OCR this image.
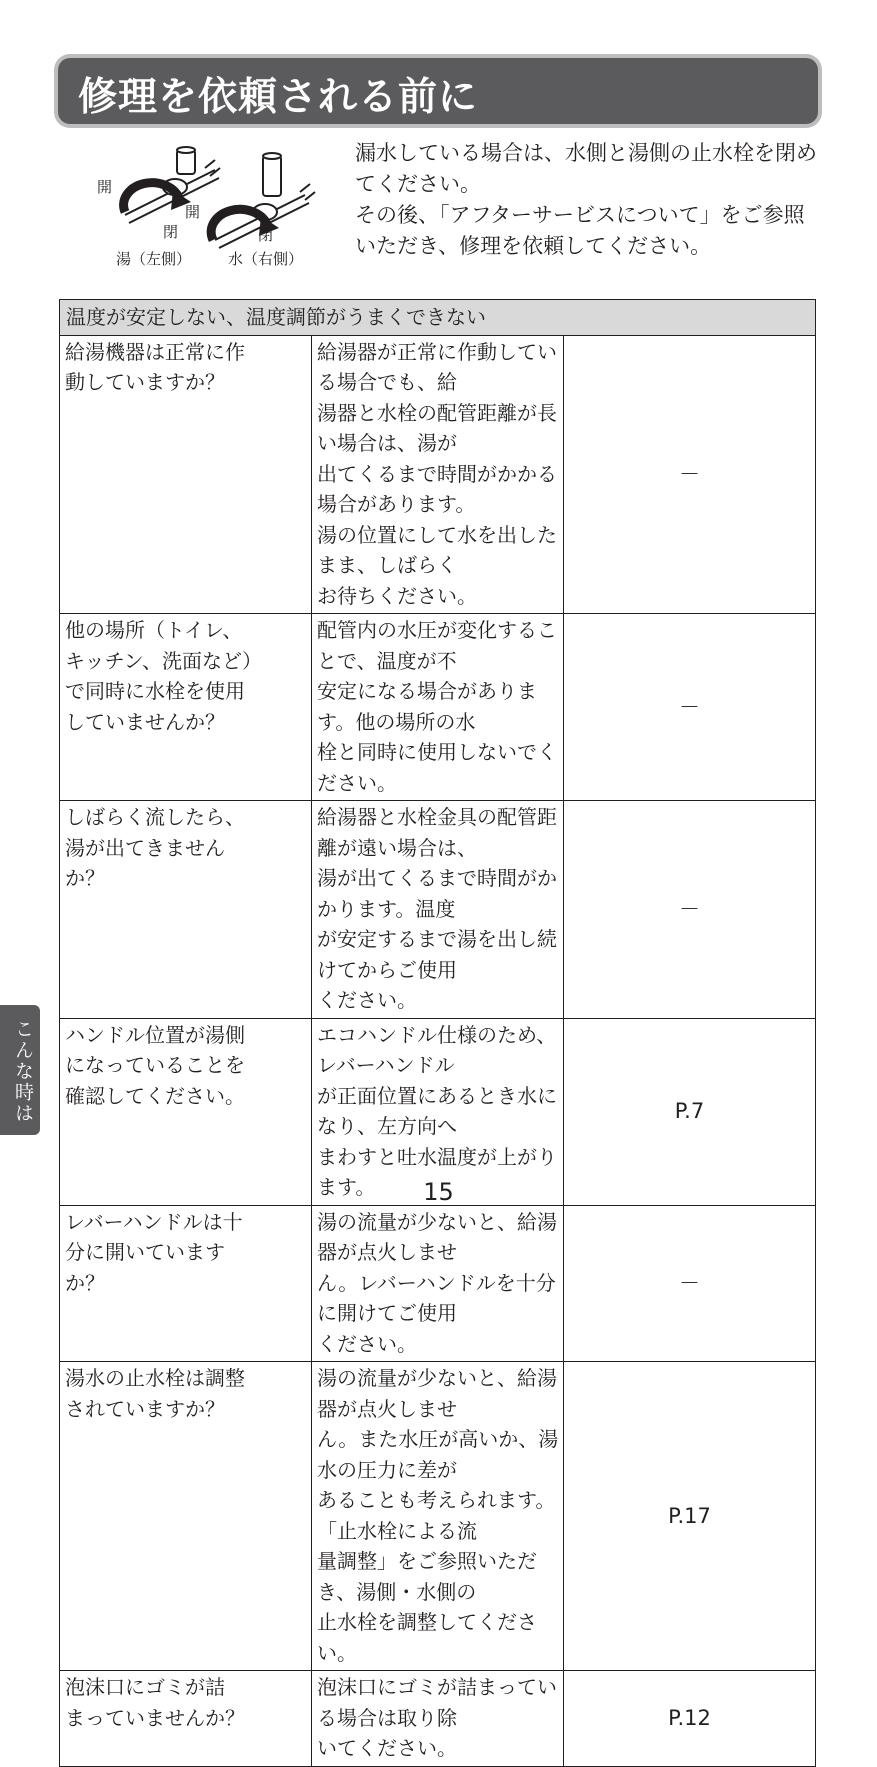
修理を依頼される前に
開
開
閉	閉
湯（左側） 水（右側）

漏水している場合は、水側と湯側の止水栓を閉めてください。

その後、「アフターサービスについて」をご参照いただき、修理を依頼してください。

温度が安定しない、温度調節がうまくできない		
給湯機器は正常に作
動していますか？	給湯器が正常に作動している場合でも、給
湯器と水栓の配管距離が長い場合は、湯が
出てくるまで時間がかかる場合があります。
湯の位置にして水を出したまま、しばらく
お待ちください。	－
他の場所（トイレ、
キッチン、洗面など）
で同時に水栓を使用
していませんか？	配管内の水圧が変化することで、温度が不
安定になる場合があります。他の場所の水
栓と同時に使用しないでください。	－
しばらく流したら、
湯が出てきません
か？	給湯器と水栓金具の配管距離が遠い場合は、
湯が出てくるまで時間がかかります。温度
が安定するまで湯を出し続けてからご使用
ください。	－
ハンドル位置が湯側
になっていることを
確認してください。	エコハンドル仕様のため、レバーハンドル
が正面位置にあるとき水になり、左方向へ
まわすと吐水温度が上がります。	P.7
レバーハンドルは十
分に開いています
か？	湯の流量が少ないと、給湯器が点火しませ
ん。レバーハンドルを十分に開けてご使用
ください。	－
湯水の止水栓は調整
されていますか？	湯の流量が少ないと、給湯器が点火しませ
ん。また水圧が高いか、湯水の圧力に差が
あることも考えられます。「止水栓による流
量調整」をご参照いただき、湯側・水側の
止水栓を調整してください。	P.17
泡沫口にゴミが詰
まっていませんか？	泡沫口にゴミが詰まっている場合は取り除
いてください。	P.12
こんな時は
15
